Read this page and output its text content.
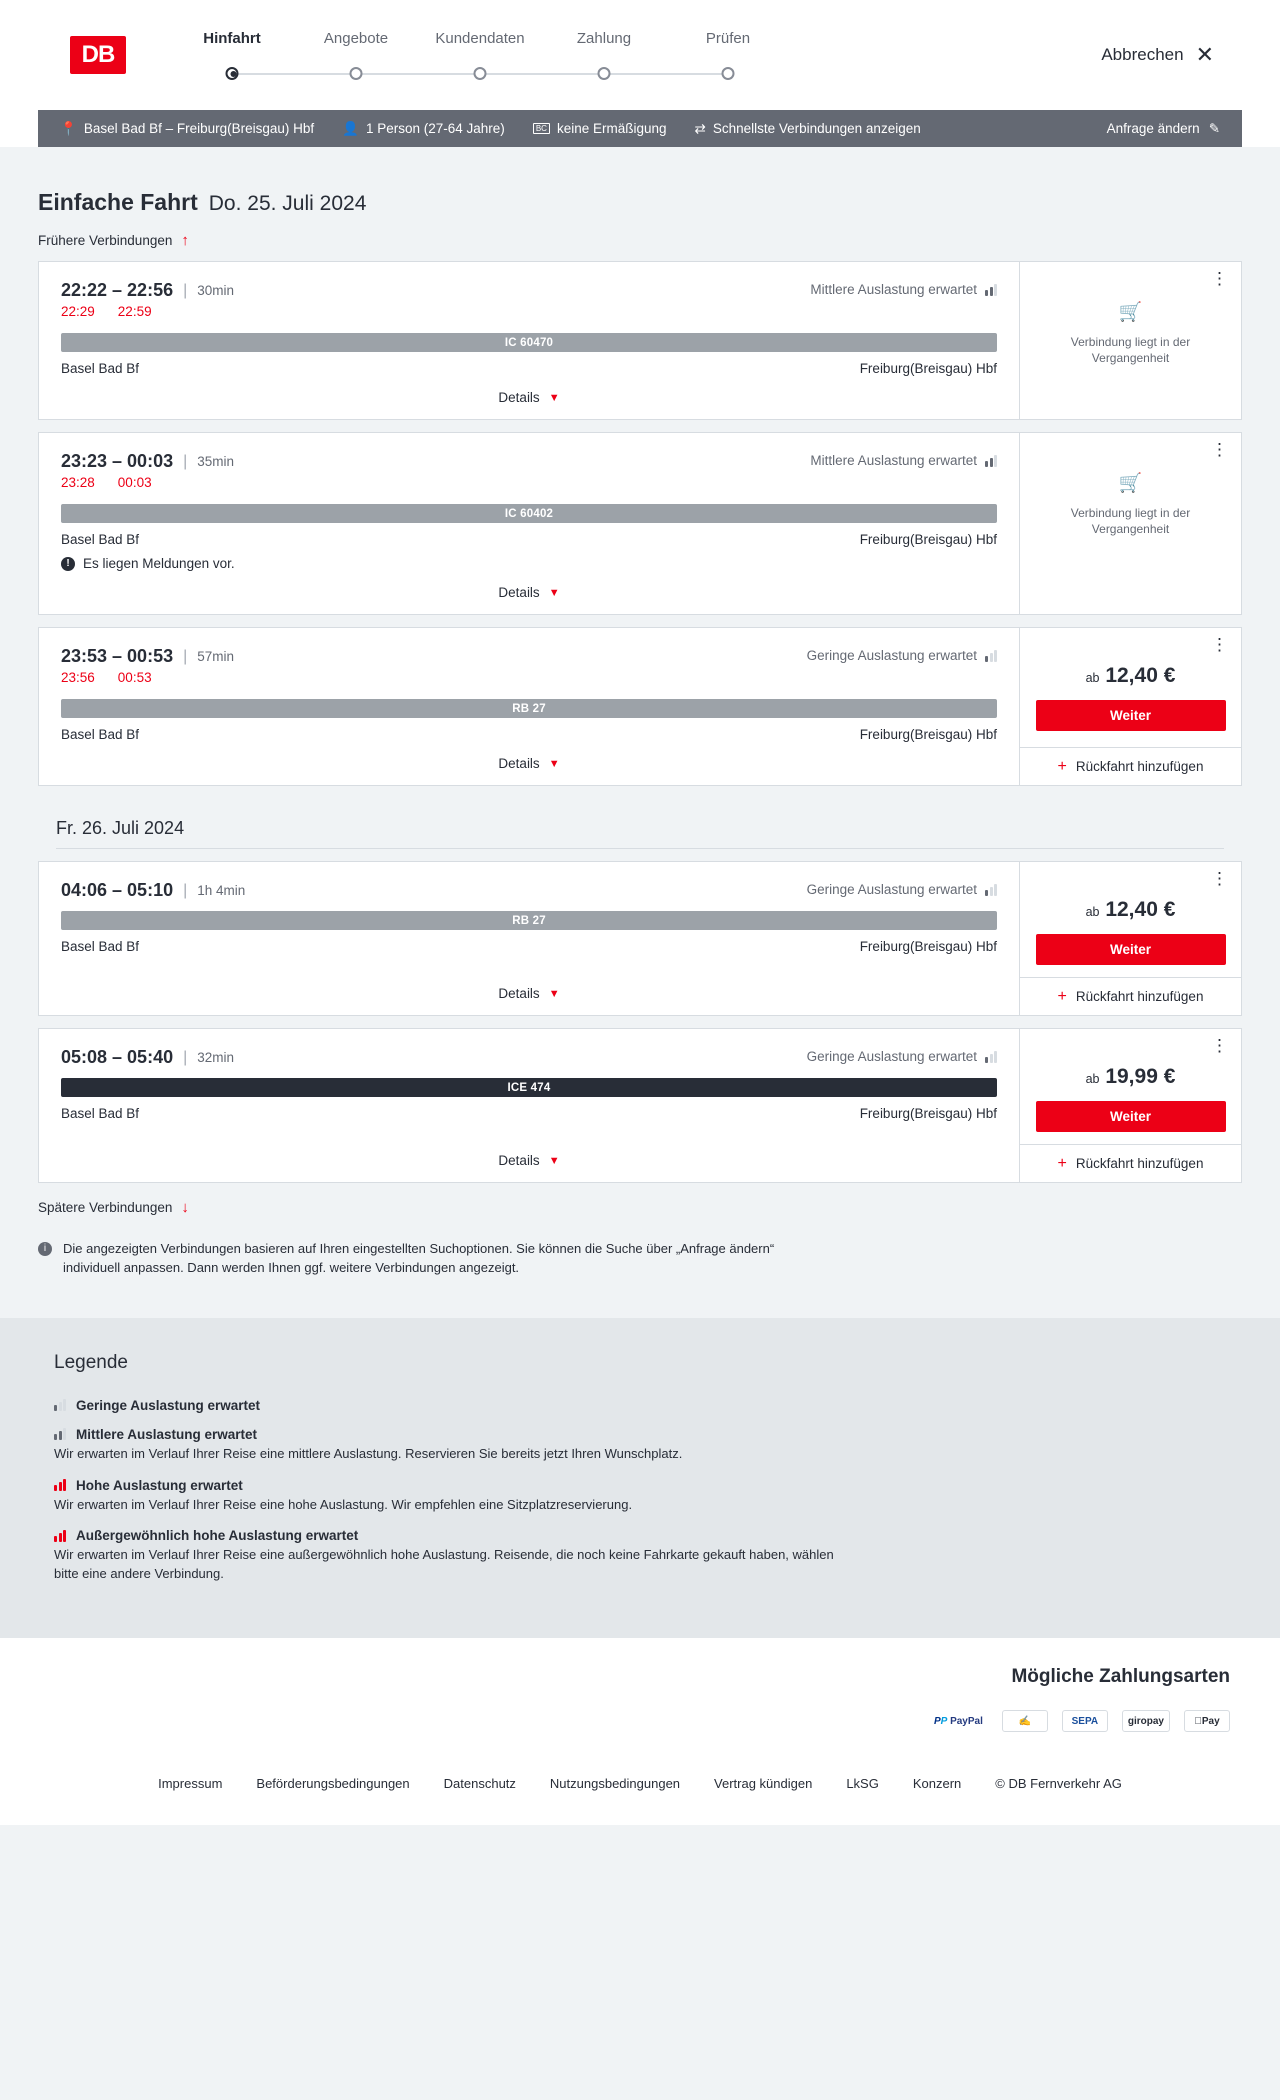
DB
Hinfahrt	Angebote	Kundendaten	Zahlung	Prüfen
Abbrechen ✕
📍 Basel Bad Bf – Freiburg(Breisgau) Hbf 👤 1 Person (27-64 Jahre)	BC keine Ermäßigung ⇄ Schnellste Verbindungen anzeigen	Anfrage ändern ✎
Einfache Fahrt Do. 25. Juli 2024
Frühere Verbindungen ↑
22:22 – 22:56 | 30min
22:29 22:59
Mittlere Auslastung erwartet
IC 60470
Basel Bad Bf	Freiburg(Breisgau) Hbf
Details ▼
⋮
🛒
Verbindung liegt in der Vergangenheit
23:23 – 00:03 | 35min
23:28 00:03
Mittlere Auslastung erwartet
IC 60402
Basel Bad Bf	Freiburg(Breisgau) Hbf
! Es liegen Meldungen vor.
Details ▼
⋮
🛒
Verbindung liegt in der Vergangenheit
23:53 – 00:53 | 57min
23:56 00:53
Geringe Auslastung erwartet
RB 27
Basel Bad Bf	Freiburg(Breisgau) Hbf
Details ▼
⋮
ab 12,40 €
Weiter
+ Rückfahrt hinzufügen
Fr. 26. Juli 2024
04:06 – 05:10 | 1h 4min	Geringe Auslastung erwartet
RB 27
Basel Bad Bf	Freiburg(Breisgau) Hbf
Details ▼
⋮
ab 12,40 €
Weiter
+ Rückfahrt hinzufügen
05:08 – 05:40 | 32min	Geringe Auslastung erwartet
ICE 474
Basel Bad Bf	Freiburg(Breisgau) Hbf
Details ▼
⋮
ab 19,99 €
Weiter
+ Rückfahrt hinzufügen
Spätere Verbindungen ↓
i	Die angezeigten Verbindungen basieren auf Ihren eingestellten Suchoptionen. Sie können die Suche über „Anfrage ändern“ individuell anpassen. Dann werden Ihnen ggf. weitere Verbindungen angezeigt.
Legende
Geringe Auslastung erwartet
Mittlere Auslastung erwartet
Wir erwarten im Verlauf Ihrer Reise eine mittlere Auslastung. Reservieren Sie bereits jetzt Ihren Wunschplatz.
Hohe Auslastung erwartet
Wir erwarten im Verlauf Ihrer Reise eine hohe Auslastung. Wir empfehlen eine Sitzplatzreservierung.
Außergewöhnlich hohe Auslastung erwartet
Wir erwarten im Verlauf Ihrer Reise eine außergewöhnlich hohe Auslastung. Reisende, die noch keine Fahrkarte gekauft haben, wählen bitte eine andere Verbindung.
Mögliche Zahlungsarten
P P
PayPal	✍	SEPA	giropay	Pay
Impressum	Beförderungsbedingungen	Datenschutz	Nutzungsbedingungen	Vertrag kündigen	LkSG	Konzern	© DB Fernverkehr AG
